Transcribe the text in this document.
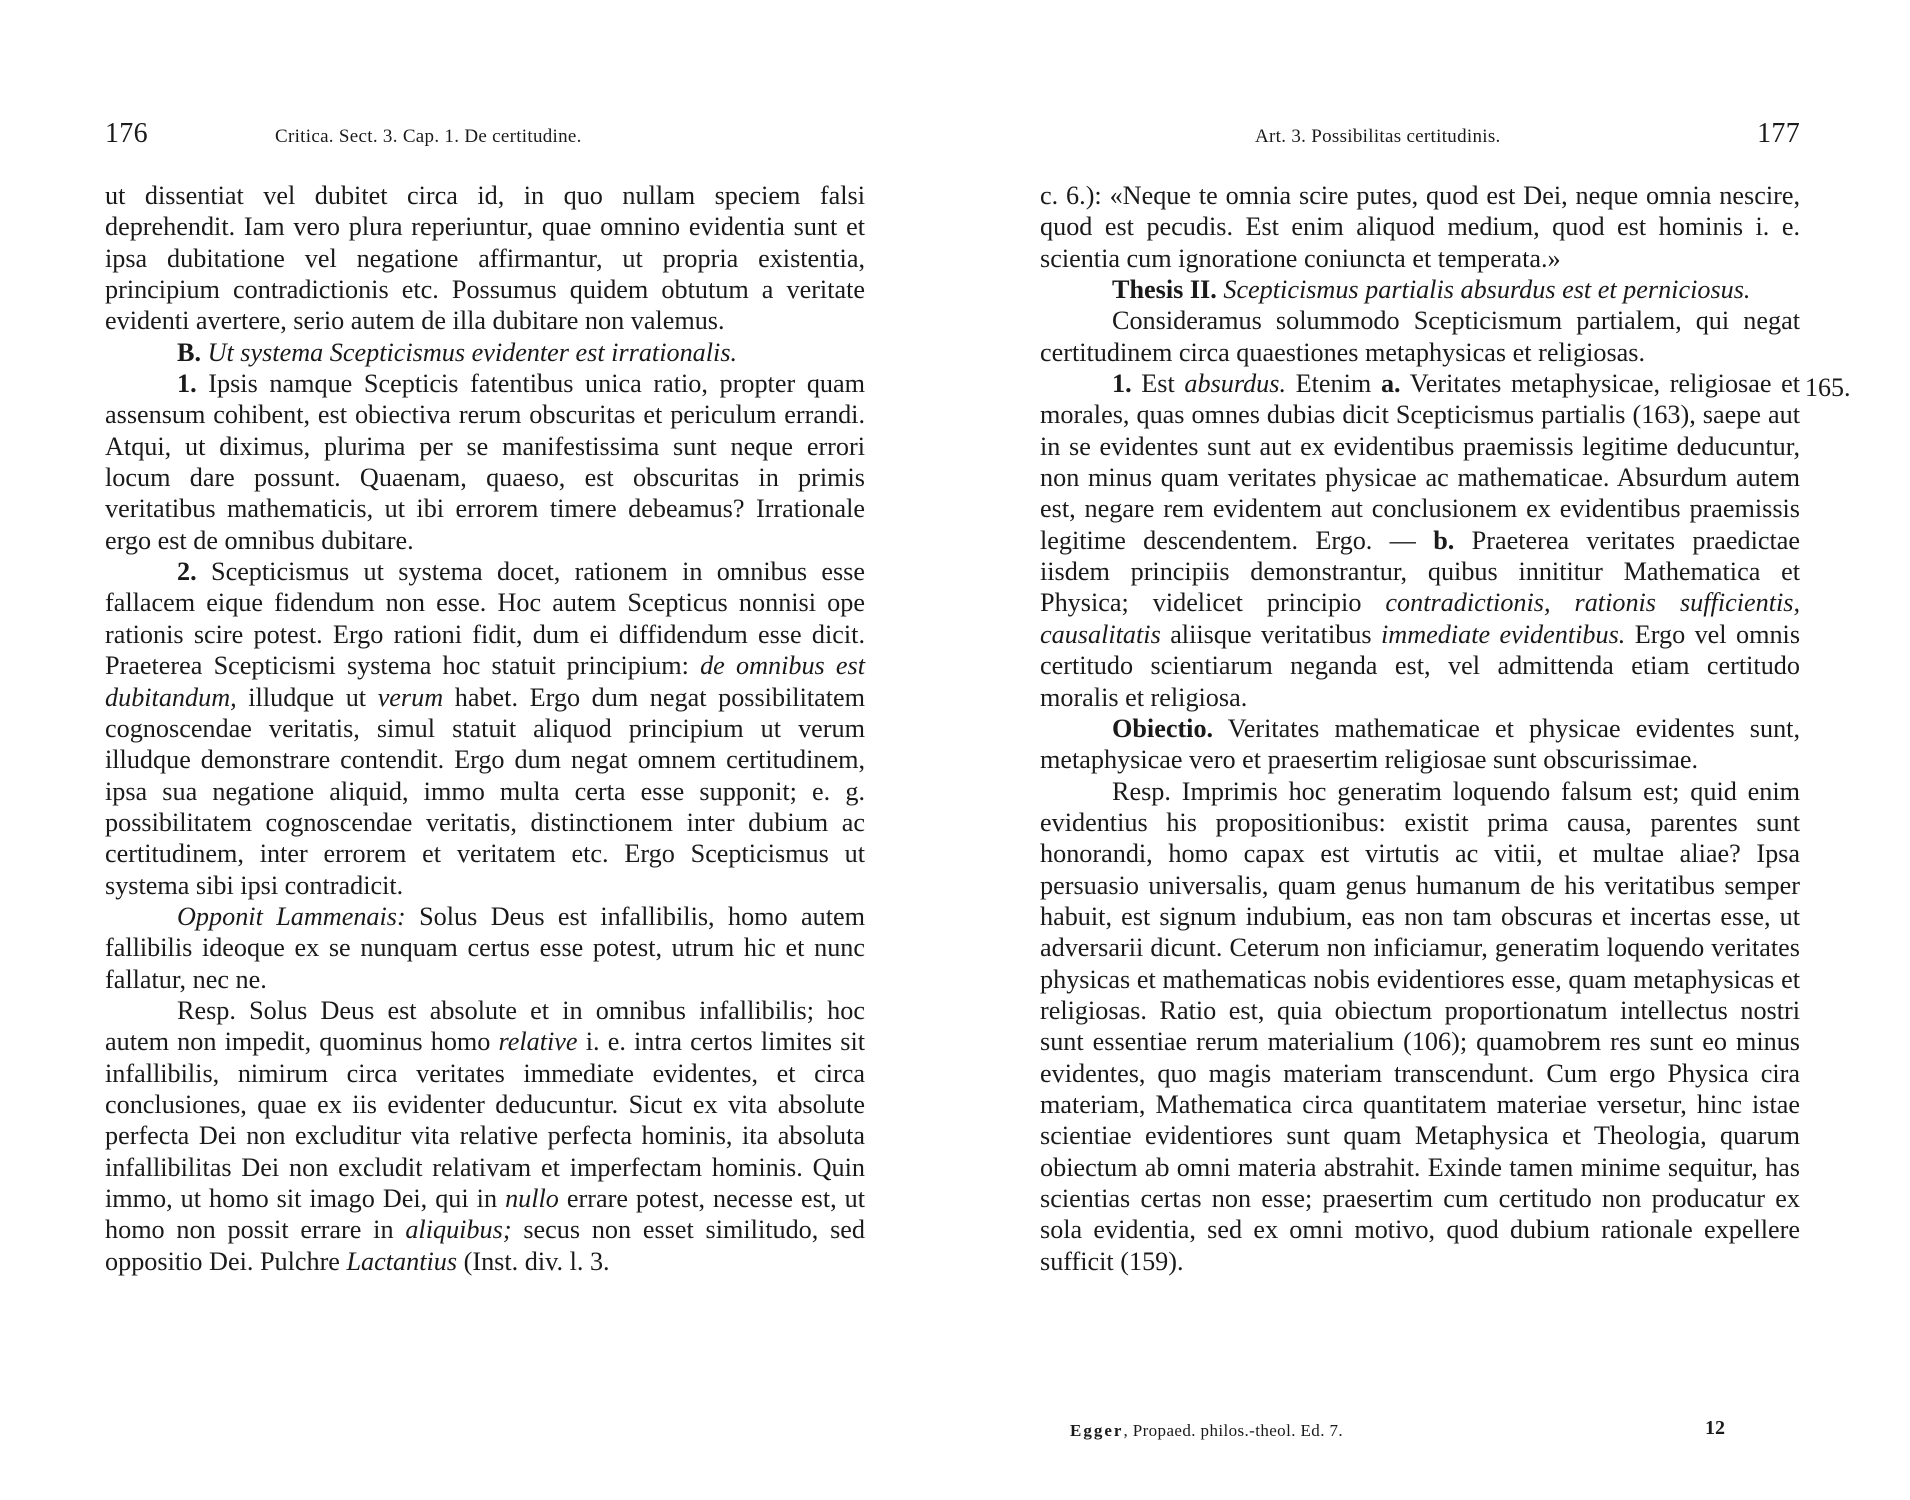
176	Critica. Sect. 3. Cap. 1. De certitudine.

ut dissentiat vel dubitet circa id, in quo nullam speciem falsi deprehendit. Iam vero plura reperiuntur, quae omnino evidentia sunt et ipsa dubitatione vel negatione affirmantur, ut propria existentia, principium contradictionis etc. Possumus quidem obtutum a veritate evidenti avertere, serio autem de illa dubitare non valemus.

B. Ut systema Scepticismus evidenter est irrationalis.

1. Ipsis namque Scepticis fatentibus unica ratio, propter quam assensum cohibent, est obiectiva rerum obscuritas et periculum errandi. Atqui, ut diximus, plurima per se manifestissima sunt neque errori locum dare possunt. Quaenam, quaeso, est obscuritas in primis veritatibus mathematicis, ut ibi errorem timere debeamus? Irrationale ergo est de omnibus dubitare.

2. Scepticismus ut systema docet, rationem in omnibus esse fallacem eique fidendum non esse. Hoc autem Scepticus nonnisi ope rationis scire potest. Ergo rationi fidit, dum ei diffidendum esse dicit. Praeterea Scepticismi systema hoc statuit principium: de omnibus est dubitandum, illudque ut verum habet. Ergo dum negat possibilitatem cognoscendae veritatis, simul statuit aliquod principium ut verum illudque demonstrare contendit. Ergo dum negat omnem certitudinem, ipsa sua negatione aliquid, immo multa certa esse supponit; e. g. possibilitatem cognoscendae veritatis, distinctionem inter dubium ac certitudinem, inter errorem et veritatem etc. Ergo Scepticismus ut systema sibi ipsi contradicit.

Opponit Lammenais: Solus Deus est infallibilis, homo autem fallibilis ideoque ex se nunquam certus esse potest, utrum hic et nunc fallatur, nec ne.

Resp. Solus Deus est absolute et in omnibus infallibilis; hoc autem non impedit, quominus homo relative i. e. intra certos limites sit infallibilis, nimirum circa veritates immediate evidentes, et circa conclusiones, quae ex iis evidenter deducuntur. Sicut ex vita absolute perfecta Dei non excluditur vita relative perfecta hominis, ita absoluta infallibilitas Dei non excludit relativam et imperfectam hominis. Quin immo, ut homo sit imago Dei, qui in nullo errare potest, necesse est, ut homo non possit errare in aliquibus; secus non esset similitudo, sed oppositio Dei. Pulchre Lactantius (Inst. div. l. 3.

Art. 3. Possibilitas certitudinis.	177

c. 6.): «Neque te omnia scire putes, quod est Dei, neque omnia nescire, quod est pecudis. Est enim aliquod medium, quod est hominis i. e. scientia cum ignoratione coniuncta et temperata.»

Thesis II. Scepticismus partialis absurdus est et perniciosus.

Consideramus solummodo Scepticismum partialem, qui negat certitudinem circa quaestiones metaphysicas et religiosas.

1. Est absurdus. Etenim a. Veritates metaphysicae, religiosae et morales, quas omnes dubias dicit Scepticismus partialis (163), saepe aut in se evidentes sunt aut ex evidentibus praemissis legitime deducuntur, non minus quam veritates physicae ac mathematicae. Absurdum autem est, negare rem evidentem aut conclusionem ex evidentibus praemissis legitime descendentem. Ergo. — b. Praeterea veritates praedictae iisdem principiis demonstrantur, quibus innititur Mathematica et Physica; videlicet principio contradictionis, rationis sufficientis, causalitatis aliisque veritatibus immediate evidentibus. Ergo vel omnis certitudo scientiarum neganda est, vel admittenda etiam certitudo moralis et religiosa.

Obiectio. Veritates mathematicae et physicae evidentes sunt, metaphysicae vero et praesertim religiosae sunt obscurissimae.

Resp. Imprimis hoc generatim loquendo falsum est; quid enim evidentius his propositionibus: existit prima causa, parentes sunt honorandi, homo capax est virtutis ac vitii, et multae aliae? Ipsa persuasio universalis, quam genus humanum de his veritatibus semper habuit, est signum indubium, eas non tam obscuras et incertas esse, ut adversarii dicunt. Ceterum non inficiamur, generatim loquendo veritates physicas et mathematicas nobis evidentiores esse, quam metaphysicas et religiosas. Ratio est, quia obiectum proportionatum intellectus nostri sunt essentiae rerum materialium (106); quamobrem res sunt eo minus evidentes, quo magis materiam transcendunt. Cum ergo Physica cira materiam, Mathematica circa quantitatem materiae versetur, hinc istae scientiae evidentiores sunt quam Metaphysica et Theologia, quarum obiectum ab omni materia abstrahit. Exinde tamen minime sequitur, has scientias certas non esse; praesertim cum certitudo non producatur ex sola evidentia, sed ex omni motivo, quod dubium rationale expellere sufficit (159).

165.
Egger, Propaed. philos.-theol. Ed. 7.	12
